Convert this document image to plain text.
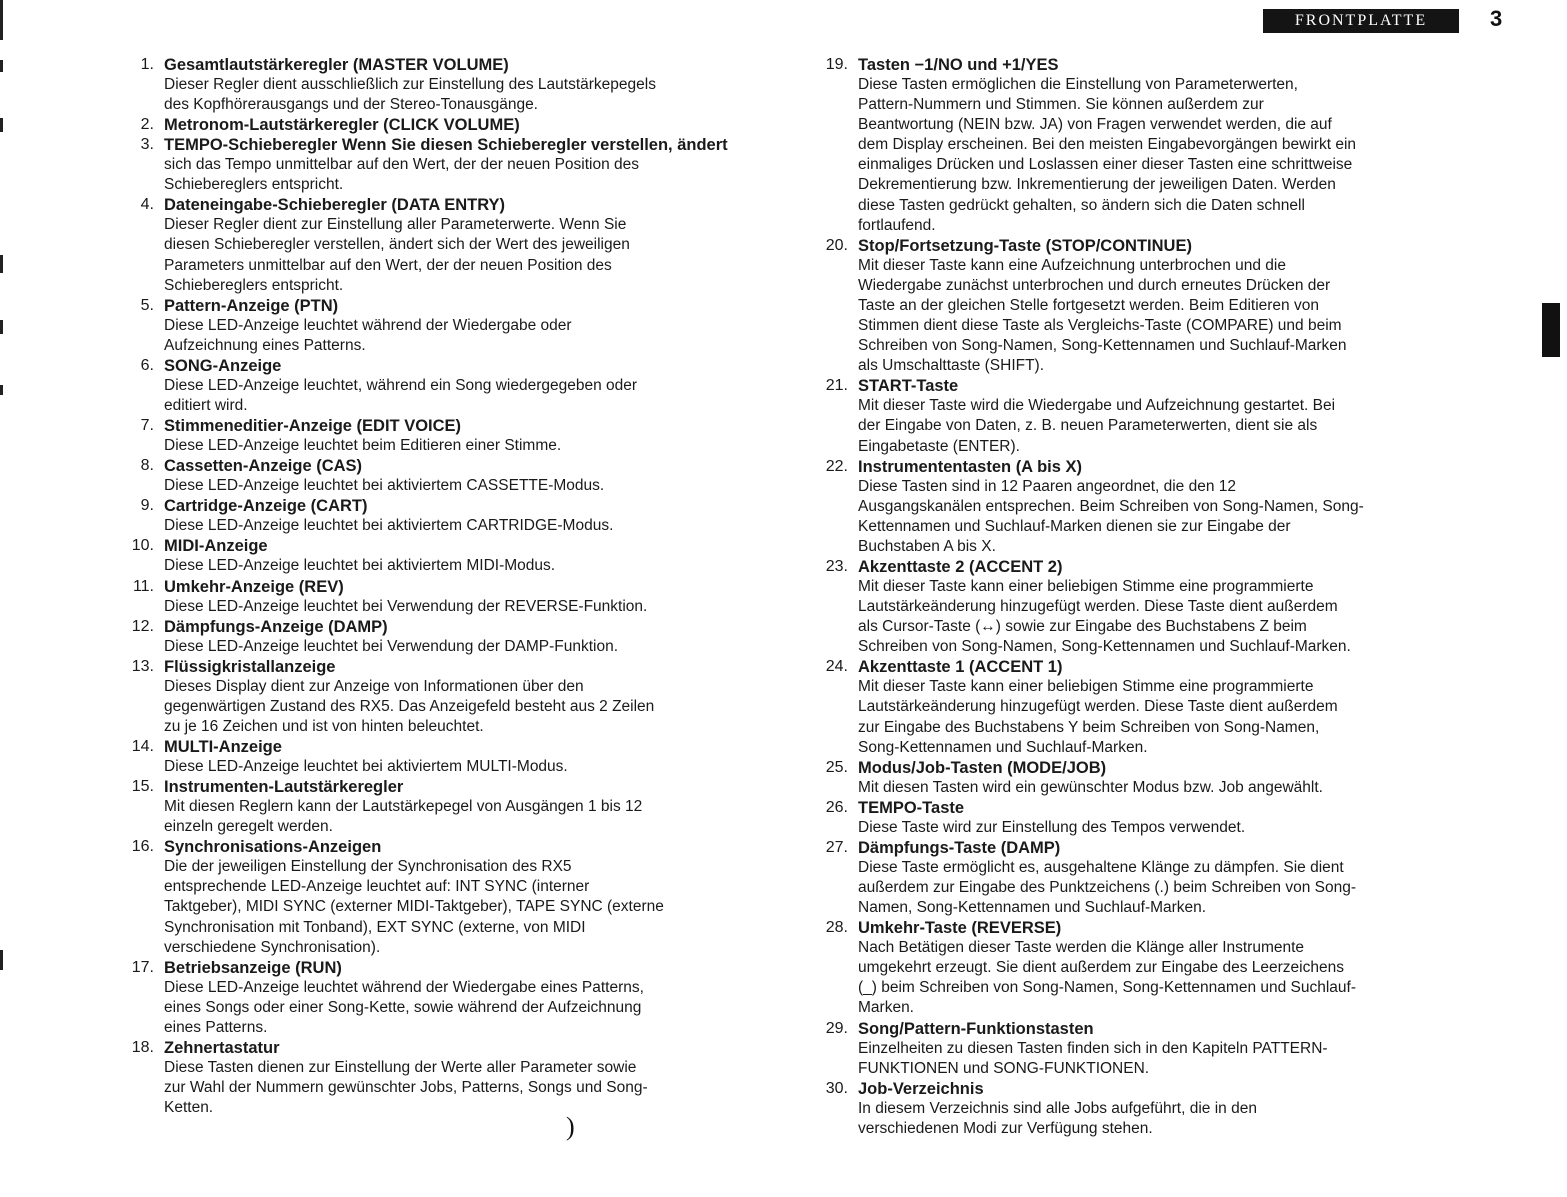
FRONTPLATTE	3
1. Gesamtlautstärkeregler (MASTER VOLUME)
Dieser Regler dient ausschließlich zur Einstellung des Lautstärkepegels
des Kopfhörerausgangs und der Stereo-Tonausgänge.
2. Metronom-Lautstärkeregler (CLICK VOLUME)
3. TEMPO-Schieberegler Wenn Sie diesen Schieberegler verstellen, ändert
sich das Tempo unmittelbar auf den Wert, der der neuen Position des
Schiebereglers entspricht.
4. Dateneingabe-Schieberegler (DATA ENTRY)
Dieser Regler dient zur Einstellung aller Parameterwerte. Wenn Sie
diesen Schieberegler verstellen, ändert sich der Wert des jeweiligen
Parameters unmittelbar auf den Wert, der der neuen Position des
Schiebereglers entspricht.
5. Pattern-Anzeige (PTN)
Diese LED-Anzeige leuchtet während der Wiedergabe oder
Aufzeichnung eines Patterns.
6. SONG-Anzeige
Diese LED-Anzeige leuchtet, während ein Song wiedergegeben oder
editiert wird.
7. Stimmeneditier-Anzeige (EDIT VOICE)
Diese LED-Anzeige leuchtet beim Editieren einer Stimme.
8. Cassetten-Anzeige (CAS)
Diese LED-Anzeige leuchtet bei aktiviertem CASSETTE-Modus.
9. Cartridge-Anzeige (CART)
Diese LED-Anzeige leuchtet bei aktiviertem CARTRIDGE-Modus.
10. MIDI-Anzeige
Diese LED-Anzeige leuchtet bei aktiviertem MIDI-Modus.
11. Umkehr-Anzeige (REV)
Diese LED-Anzeige leuchtet bei Verwendung der REVERSE-Funktion.
12. Dämpfungs-Anzeige (DAMP)
Diese LED-Anzeige leuchtet bei Verwendung der DAMP-Funktion.
13. Flüssigkristallanzeige
Dieses Display dient zur Anzeige von Informationen über den
gegenwärtigen Zustand des RX5. Das Anzeigefeld besteht aus 2 Zeilen
zu je 16 Zeichen und ist von hinten beleuchtet.
14. MULTI-Anzeige
Diese LED-Anzeige leuchtet bei aktiviertem MULTI-Modus.
15. Instrumenten-Lautstärkeregler
Mit diesen Reglern kann der Lautstärkepegel von Ausgängen 1 bis 12
einzeln geregelt werden.
16. Synchronisations-Anzeigen
Die der jeweiligen Einstellung der Synchronisation des RX5
entsprechende LED-Anzeige leuchtet auf: INT SYNC (interner
Taktgeber), MIDI SYNC (externer MIDI-Taktgeber), TAPE SYNC (externe
Synchronisation mit Tonband), EXT SYNC (externe, von MIDI
verschiedene Synchronisation).
17. Betriebsanzeige (RUN)
Diese LED-Anzeige leuchtet während der Wiedergabe eines Patterns,
eines Songs oder einer Song-Kette, sowie während der Aufzeichnung
eines Patterns.
18. Zehnertastatur
Diese Tasten dienen zur Einstellung der Werte aller Parameter sowie
zur Wahl der Nummern gewünschter Jobs, Patterns, Songs und Song-
Ketten.
19. Tasten −1/NO und +1/YES
Diese Tasten ermöglichen die Einstellung von Parameterwerten,
Pattern-Nummern und Stimmen. Sie können außerdem zur
Beantwortung (NEIN bzw. JA) von Fragen verwendet werden, die auf
dem Display erscheinen. Bei den meisten Eingabevorgängen bewirkt ein
einmaliges Drücken und Loslassen einer dieser Tasten eine schrittweise
Dekrementierung bzw. Inkrementierung der jeweiligen Daten. Werden
diese Tasten gedrückt gehalten, so ändern sich die Daten schnell
fortlaufend.
20. Stop/Fortsetzung-Taste (STOP/CONTINUE)
Mit dieser Taste kann eine Aufzeichnung unterbrochen und die
Wiedergabe zunächst unterbrochen und durch erneutes Drücken der
Taste an der gleichen Stelle fortgesetzt werden. Beim Editieren von
Stimmen dient diese Taste als Vergleichs-Taste (COMPARE) und beim
Schreiben von Song-Namen, Song-Kettennamen und Suchlauf-Marken
als Umschalttaste (SHIFT).
21. START-Taste
Mit dieser Taste wird die Wiedergabe und Aufzeichnung gestartet. Bei
der Eingabe von Daten, z. B. neuen Parameterwerten, dient sie als
Eingabetaste (ENTER).
22. Instrumententasten (A bis X)
Diese Tasten sind in 12 Paaren angeordnet, die den 12
Ausgangskanälen entsprechen. Beim Schreiben von Song-Namen, Song-
Kettennamen und Suchlauf-Marken dienen sie zur Eingabe der
Buchstaben A bis X.
23. Akzenttaste 2 (ACCENT 2)
Mit dieser Taste kann einer beliebigen Stimme eine programmierte
Lautstärkeänderung hinzugefügt werden. Diese Taste dient außerdem
als Cursor-Taste (↔) sowie zur Eingabe des Buchstabens Z beim
Schreiben von Song-Namen, Song-Kettennamen und Suchlauf-Marken.
24. Akzenttaste 1 (ACCENT 1)
Mit dieser Taste kann einer beliebigen Stimme eine programmierte
Lautstärkeänderung hinzugefügt werden. Diese Taste dient außerdem
zur Eingabe des Buchstabens Y beim Schreiben von Song-Namen,
Song-Kettennamen und Suchlauf-Marken.
25. Modus/Job-Tasten (MODE/JOB)
Mit diesen Tasten wird ein gewünschter Modus bzw. Job angewählt.
26. TEMPO-Taste
Diese Taste wird zur Einstellung des Tempos verwendet.
27. Dämpfungs-Taste (DAMP)
Diese Taste ermöglicht es, ausgehaltene Klänge zu dämpfen. Sie dient
außerdem zur Eingabe des Punktzeichens (.) beim Schreiben von Song-
Namen, Song-Kettennamen und Suchlauf-Marken.
28. Umkehr-Taste (REVERSE)
Nach Betätigen dieser Taste werden die Klänge aller Instrumente
umgekehrt erzeugt. Sie dient außerdem zur Eingabe des Leerzeichens
(_) beim Schreiben von Song-Namen, Song-Kettennamen und Suchlauf-
Marken.
29. Song/Pattern-Funktionstasten
Einzelheiten zu diesen Tasten finden sich in den Kapiteln PATTERN-
FUNKTIONEN und SONG-FUNKTIONEN.
30. Job-Verzeichnis
In diesem Verzeichnis sind alle Jobs aufgeführt, die in den
verschiedenen Modi zur Verfügung stehen.
)
